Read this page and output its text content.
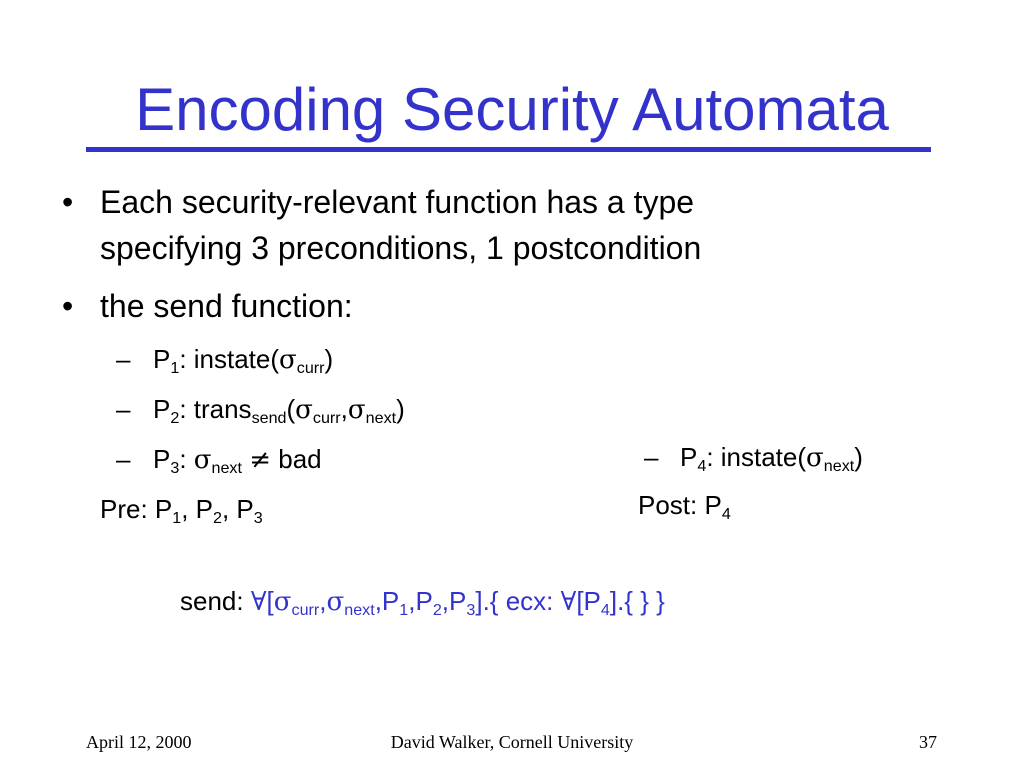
Encoding Security Automata
• Each security-relevant function has a type
specifying 3 preconditions, 1 postcondition
• the send function:
– $P_1$: $instate(\sigma_{curr})$
– $P_2$: $trans_{send}(\sigma_{curr},\sigma_{next})$
– $P_3$: $\sigma_{next}$ ≠ bad	– $P_4$: $instate(\sigma_{next})$
Pre: $P_1$, $P_2$, $P_3$	Post: $P_4$
send: $\forall[\sigma_{curr},\sigma_{next},P_1,P_2,P_3]$.{ ecx: $\forall[P_4]$.{ } }
April 12, 2000	David Walker, Cornell University	37
